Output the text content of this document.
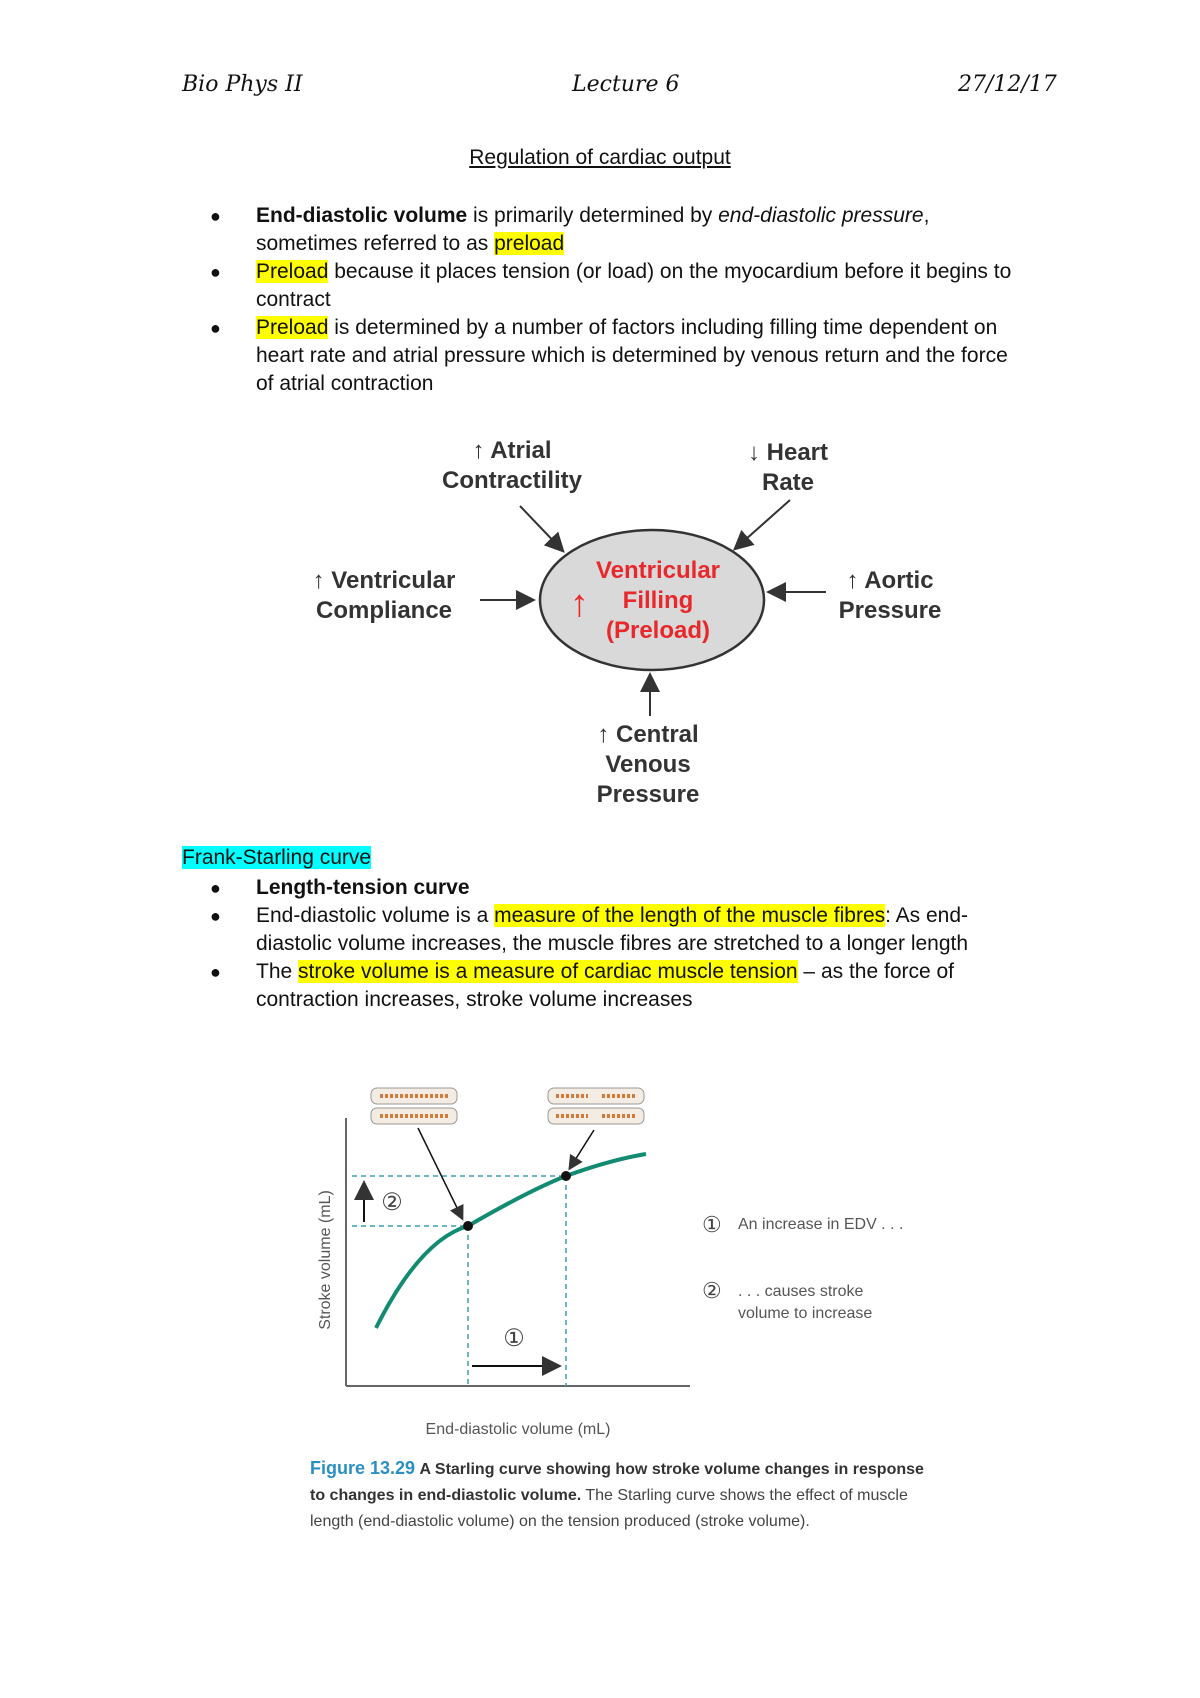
Bio Phys II	Lecture 6	27/12/17
Regulation of cardiac output
● End-diastolic volume is primarily determined by end-diastolic pressure, sometimes referred to as preload
● Preload because it places tension (or load) on the myocardium before it begins to contract
● Preload is determined by a number of factors including filling time dependent on heart rate and atrial pressure which is determined by venous return and the force of atrial contraction
↑
Ventricular
Filling
(Preload)
↑ Atrial
Contractility
↓ Heart
Rate
↑ Ventricular
Compliance
↑ Aortic
Pressure
↑ Central
Venous
Pressure
Frank-Starling curve
● Length-tension curve
● End-diastolic volume is a measure of the length of the muscle fibres: As end-diastolic volume increases, the muscle fibres are stretched to a longer length
● The stroke volume is a measure of cardiac muscle tension – as the force of contraction increases, stroke volume increases
Stroke volume (mL)
End-diastolic volume (mL)
②
①
① An increase in EDV . . .
② . . . causes stroke
volume to increase
Figure 13.29 A Starling curve showing how stroke volume changes in response to changes in end-diastolic volume. The Starling curve shows the effect of muscle length (end-diastolic volume) on the tension produced (stroke volume).
